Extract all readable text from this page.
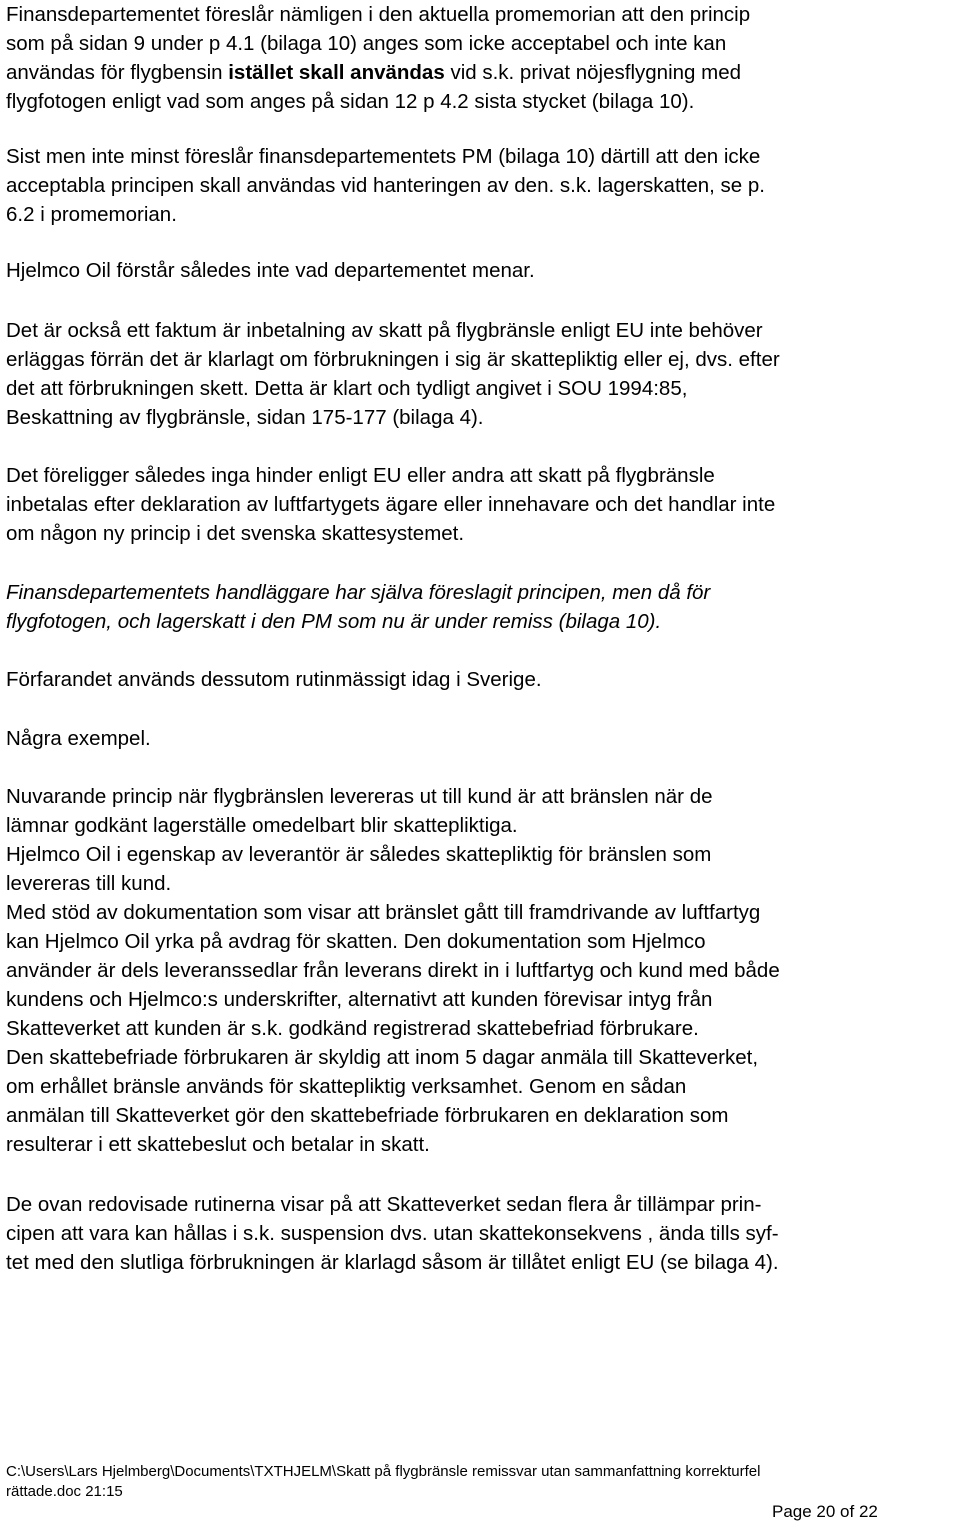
Finansdepartementet föreslår nämligen i den aktuella promemorian att den princip
som på sidan 9 under p 4.1 (bilaga 10) anges som icke acceptabel och inte kan
användas för flygbensin istället skall användas vid s.k. privat nöjesflygning med
flygfotogen enligt vad som anges på sidan 12 p 4.2 sista stycket (bilaga 10).

Sist men inte minst föreslår finansdepartementets PM (bilaga 10) därtill att den icke
acceptabla principen skall användas vid hanteringen av den. s.k. lagerskatten, se p.
6.2 i promemorian.

Hjelmco Oil förstår således inte vad departementet menar.

Det är också ett faktum är inbetalning av skatt på flygbränsle enligt EU inte behöver
erläggas förrän det är klarlagt om förbrukningen i sig är skattepliktig eller ej, dvs. efter
det att förbrukningen skett. Detta är klart och tydligt angivet i SOU 1994:85,
Beskattning av flygbränsle, sidan 175-177 (bilaga 4).

Det föreligger således inga hinder enligt EU eller andra att skatt på flygbränsle
inbetalas efter deklaration av luftfartygets ägare eller innehavare och det handlar inte
om någon ny princip i det svenska skattesystemet.

Finansdepartementets handläggare har själva föreslagit principen, men då för
flygfotogen, och lagerskatt i den PM som nu är under remiss (bilaga 10).

Förfarandet används dessutom rutinmässigt idag i Sverige.

Några exempel.

Nuvarande princip när flygbränslen levereras ut till kund är att bränslen när de
lämnar godkänt lagerställe omedelbart blir skattepliktiga.
Hjelmco Oil i egenskap av leverantör är således skattepliktig för bränslen som
levereras till kund.
Med stöd av dokumentation som visar att bränslet gått till framdrivande av luftfartyg
kan Hjelmco Oil yrka på avdrag för skatten. Den dokumentation som Hjelmco
använder är dels leveranssedlar från leverans direkt in i luftfartyg och kund med både
kundens och Hjelmco:s underskrifter, alternativt att kunden förevisar intyg från
Skatteverket att kunden är s.k. godkänd registrerad skattebefriad förbrukare.
Den skattebefriade förbrukaren är skyldig att inom 5 dagar anmäla till Skatteverket,
om erhållet bränsle används för skattepliktig verksamhet. Genom en sådan
anmälan till Skatteverket gör den skattebefriade förbrukaren en deklaration som
resulterar i ett skattebeslut och betalar in skatt.

De ovan redovisade rutinerna visar på att Skatteverket sedan flera år tillämpar prin-
cipen att vara kan hållas i s.k. suspension dvs. utan skattekonsekvens , ända tills syf-
tet med den slutliga förbrukningen är klarlagd såsom är tillåtet enligt EU (se bilaga 4).

C:\Users\Lars Hjelmberg\Documents\TXTHJELM\Skatt på flygbränsle remissvar utan sammanfattning korrekturfel
rättade.doc 21:15
Page 20 of 22
